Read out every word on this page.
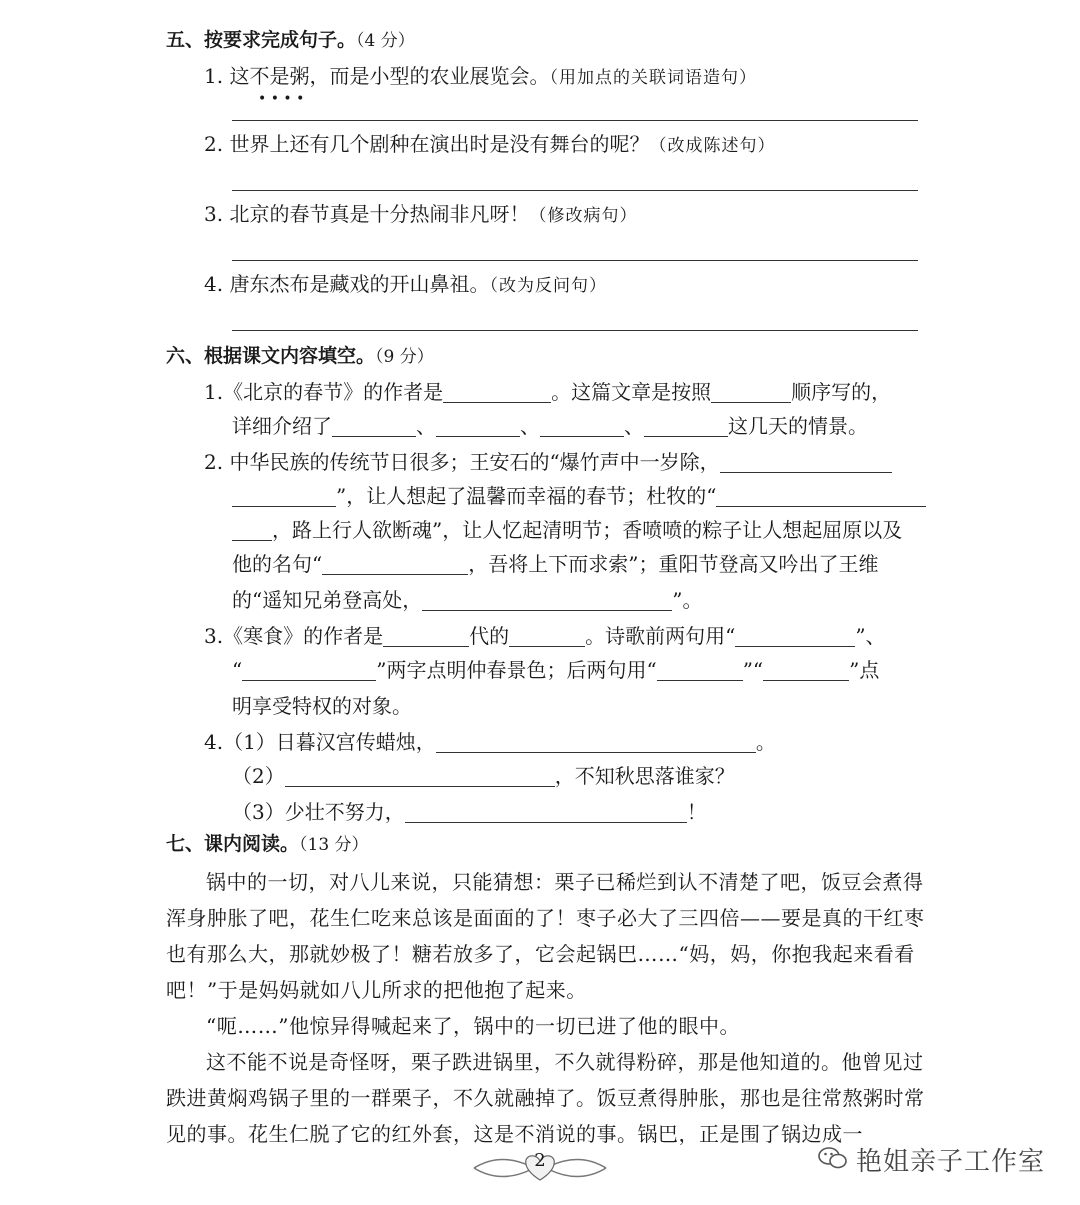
五、按要求完成句子。（4 分）
1. 这不是粥，而是小型的农业展览会。（用加点的关联词语造句）
• • • •
2. 世界上还有几个剧种在演出时是没有舞台的呢？（改成陈述句）
3. 北京的春节真是十分热闹非凡呀！（修改病句）
4. 唐东杰布是藏戏的开山鼻祖。（改为反问句）
六、根据课文内容填空。（9 分）
1.《北京的春节》的作者是	。这篇文章是按照	顺序写的，
详细介绍了	、	、	、	这几天的情景。
2. 中华民族的传统节日很多；王安石的“爆竹声中一岁除，
”，让人想起了温馨而幸福的春节；杜牧的“
，路上行人欲断魂”，让人忆起清明节；香喷喷的粽子让人想起屈原以及
他的名句“	，吾将上下而求索”；重阳节登高又吟出了王维
的“遥知兄弟登高处，	”。
3.《寒食》的作者是	代的	。诗歌前两句用“	”、
“	”两字点明仲春景色；后两句用“	”“	”点
明享受特权的对象。
4.（1）日暮汉宫传蜡烛，	。
（2）	，不知秋思落谁家？
（3）少壮不努力，	！
七、课内阅读。（13 分）
锅中的一切，对八儿来说，只能猜想：栗子已稀烂到认不清楚了吧，饭豆会煮得浑身肿胀了吧，花生仁吃来总该是面面的了！枣子必大了三四倍——要是真的干红枣也有那么大，那就妙极了！糖若放多了，它会起锅巴……“妈，妈，你抱我起来看看吧！”于是妈妈就如八儿所求的把他抱了起来。
“呃……”他惊异得喊起来了，锅中的一切已进了他的眼中。
这不能不说是奇怪呀，栗子跌进锅里，不久就得粉碎，那是他知道的。他曾见过跌进黄焖鸡锅子里的一群栗子，不久就融掉了。饭豆煮得肿胀，那也是往常熬粥时常见的事。花生仁脱了它的红外套，这是不消说的事。锅巴，正是围了锅边成一
2	艳姐亲子工作室
